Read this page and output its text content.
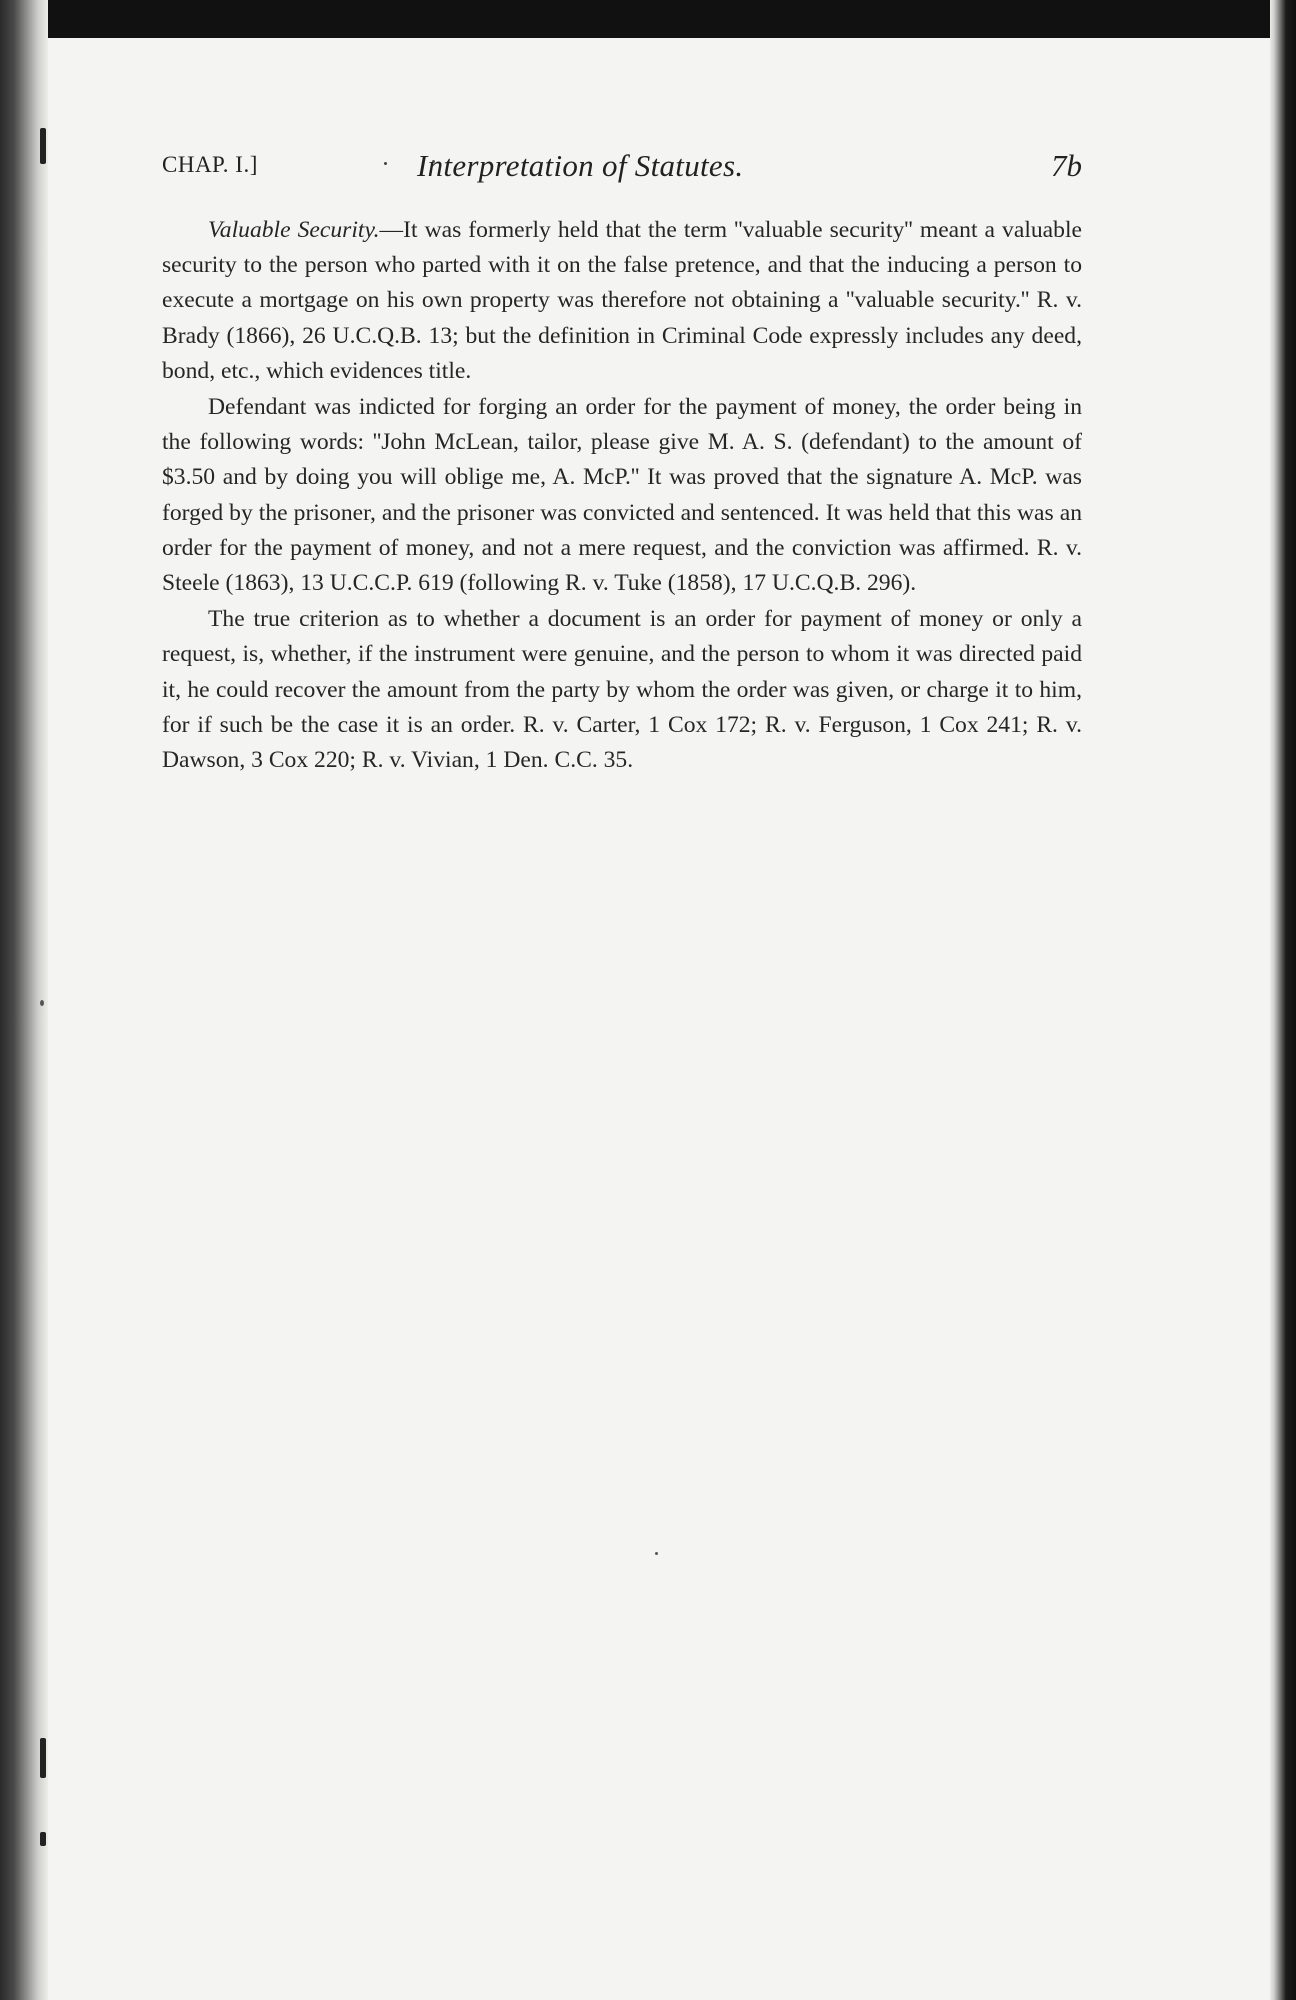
CHAP. I.]	Interpretation of Statutes.	7b

Valuable Security.—It was formerly held that the term ''valuable security'' meant a valuable security to the person who parted with it on the false pretence, and that the inducing a person to execute a mortgage on his own property was therefore not obtaining a ''valuable security.'' R. v. Brady (1866), 26 U.C.Q.B. 13; but the definition in Criminal Code expressly includes any deed, bond, etc., which evidences title.

Defendant was indicted for forging an order for the payment of money, the order being in the following words: ''John McLean, tailor, please give M. A. S. (defendant) to the amount of $3.50 and by doing you will oblige me, A. McP.'' It was proved that the signature A. McP. was forged by the prisoner, and the prisoner was convicted and sentenced. It was held that this was an order for the payment of money, and not a mere request, and the conviction was affirmed. R. v. Steele (1863), 13 U.C.C.P. 619 (following R. v. Tuke (1858), 17 U.C.Q.B. 296).

The true criterion as to whether a document is an order for payment of money or only a request, is, whether, if the instrument were genuine, and the person to whom it was directed paid it, he could recover the amount from the party by whom the order was given, or charge it to him, for if such be the case it is an order. R. v. Carter, 1 Cox 172; R. v. Ferguson, 1 Cox 241; R. v. Dawson, 3 Cox 220; R. v. Vivian, 1 Den. C.C. 35.
